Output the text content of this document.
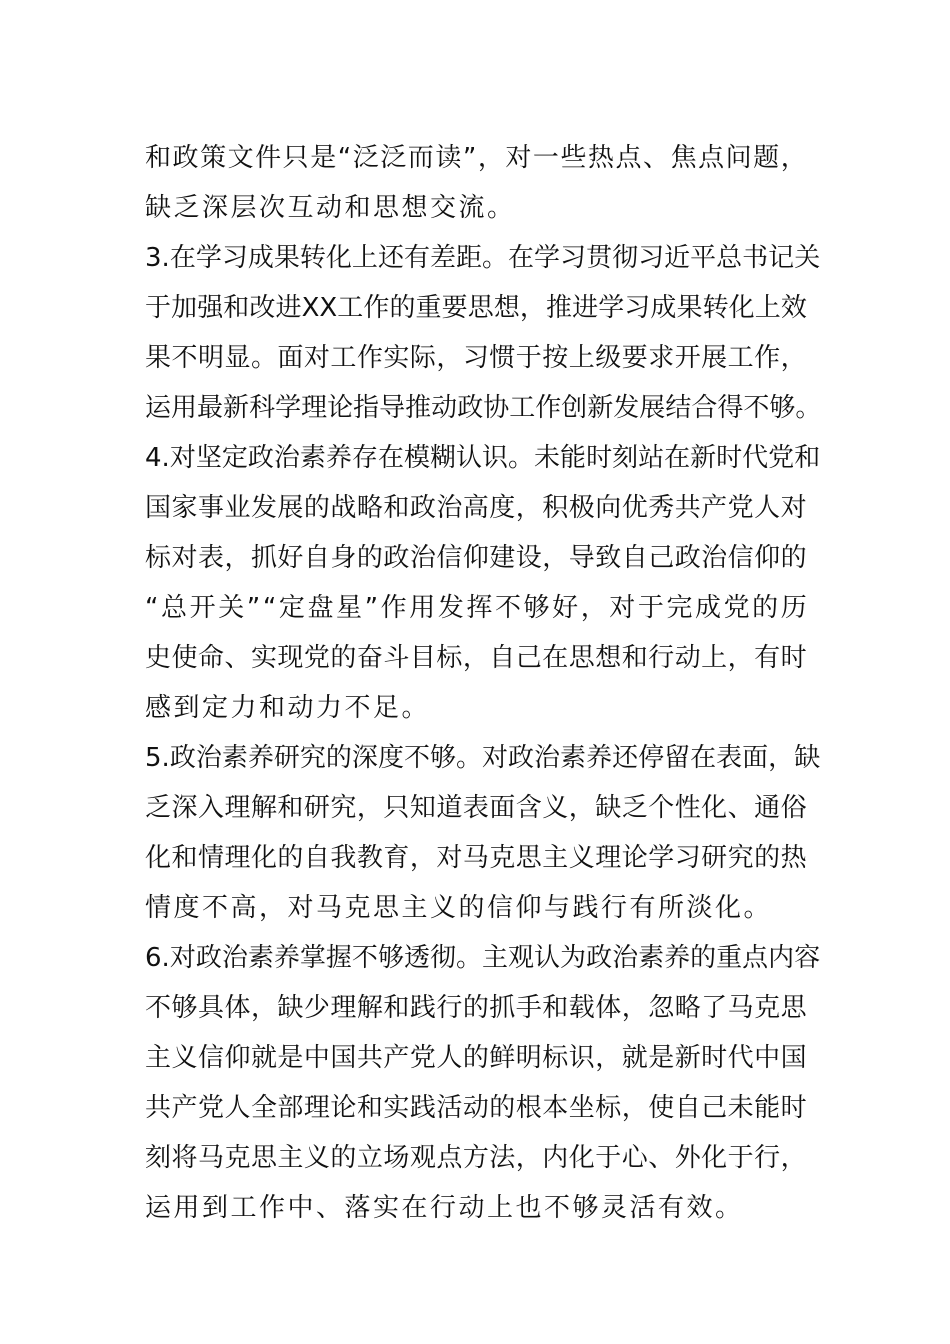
和 政 策 文 件 只 是 “ 泛 泛 而 读 ” ， 对 一 些 热 点 、 焦 点 问 题 ，
缺乏深层次互动和思想交流。
3. 在 学 习 成 果 转 化 上 还 有 差 距 。 在 学 习 贯 彻 习 近 平 总 书 记 关
于 加 强 和 改 进 XX 工 作 的 重 要 思 想 ， 推 进 学 习 成 果 转 化 上 效
果 不 明 显 。 面 对 工 作 实 际 ， 习 惯 于 按 上 级 要 求 开 展 工 作 ，
运 用 最 新 科 学 理 论 指 导 推 动 政 协 工 作 创 新 发 展 结 合 得 不 够 。
4. 对 坚 定 政 治 素 养 存 在 模 糊 认 识 。 未 能 时 刻 站 在 新 时 代 党 和
国 家 事 业 发 展 的 战 略 和 政 治 高 度 ， 积 极 向 优 秀 共 产 党 人 对
标 对 表 ， 抓 好 自 身 的 政 治 信 仰 建 设 ， 导 致 自 己 政 治 信 仰 的
“ 总 开 关 ” “ 定 盘 星 ” 作 用 发 挥 不 够 好 ， 对 于 完 成 党 的 历
史 使 命 、 实 现 党 的 奋 斗 目 标 ， 自 己 在 思 想 和 行 动 上 ， 有 时
感到定力和动力不足。
5. 政 治 素 养 研 究 的 深 度 不 够 。 对 政 治 素 养 还 停 留 在 表 面 ， 缺
乏 深 入 理 解 和 研 究 ， 只 知 道 表 面 含 义 ， 缺 乏 个 性 化 、 通 俗
化 和 情 理 化 的 自 我 教 育 ， 对 马 克 思 主 义 理 论 学 习 研 究 的 热
情度不高，对马克思主义的信仰与践行有所淡化。
6. 对 政 治 素 养 掌 握 不 够 透 彻 。 主 观 认 为 政 治 素 养 的 重 点 内 容
不 够 具 体 ， 缺 少 理 解 和 践 行 的 抓 手 和 载 体 ， 忽 略 了 马 克 思
主 义 信 仰 就 是 中 国 共 产 党 人 的 鲜 明 标 识 ， 就 是 新 时 代 中 国
共 产 党 人 全 部 理 论 和 实 践 活 动 的 根 本 坐 标 ， 使 自 己 未 能 时
刻 将 马 克 思 主 义 的 立 场 观 点 方 法 ， 内 化 于 心 、 外 化 于 行 ，
运用到工作中、落实在行动上也不够灵活有效。
